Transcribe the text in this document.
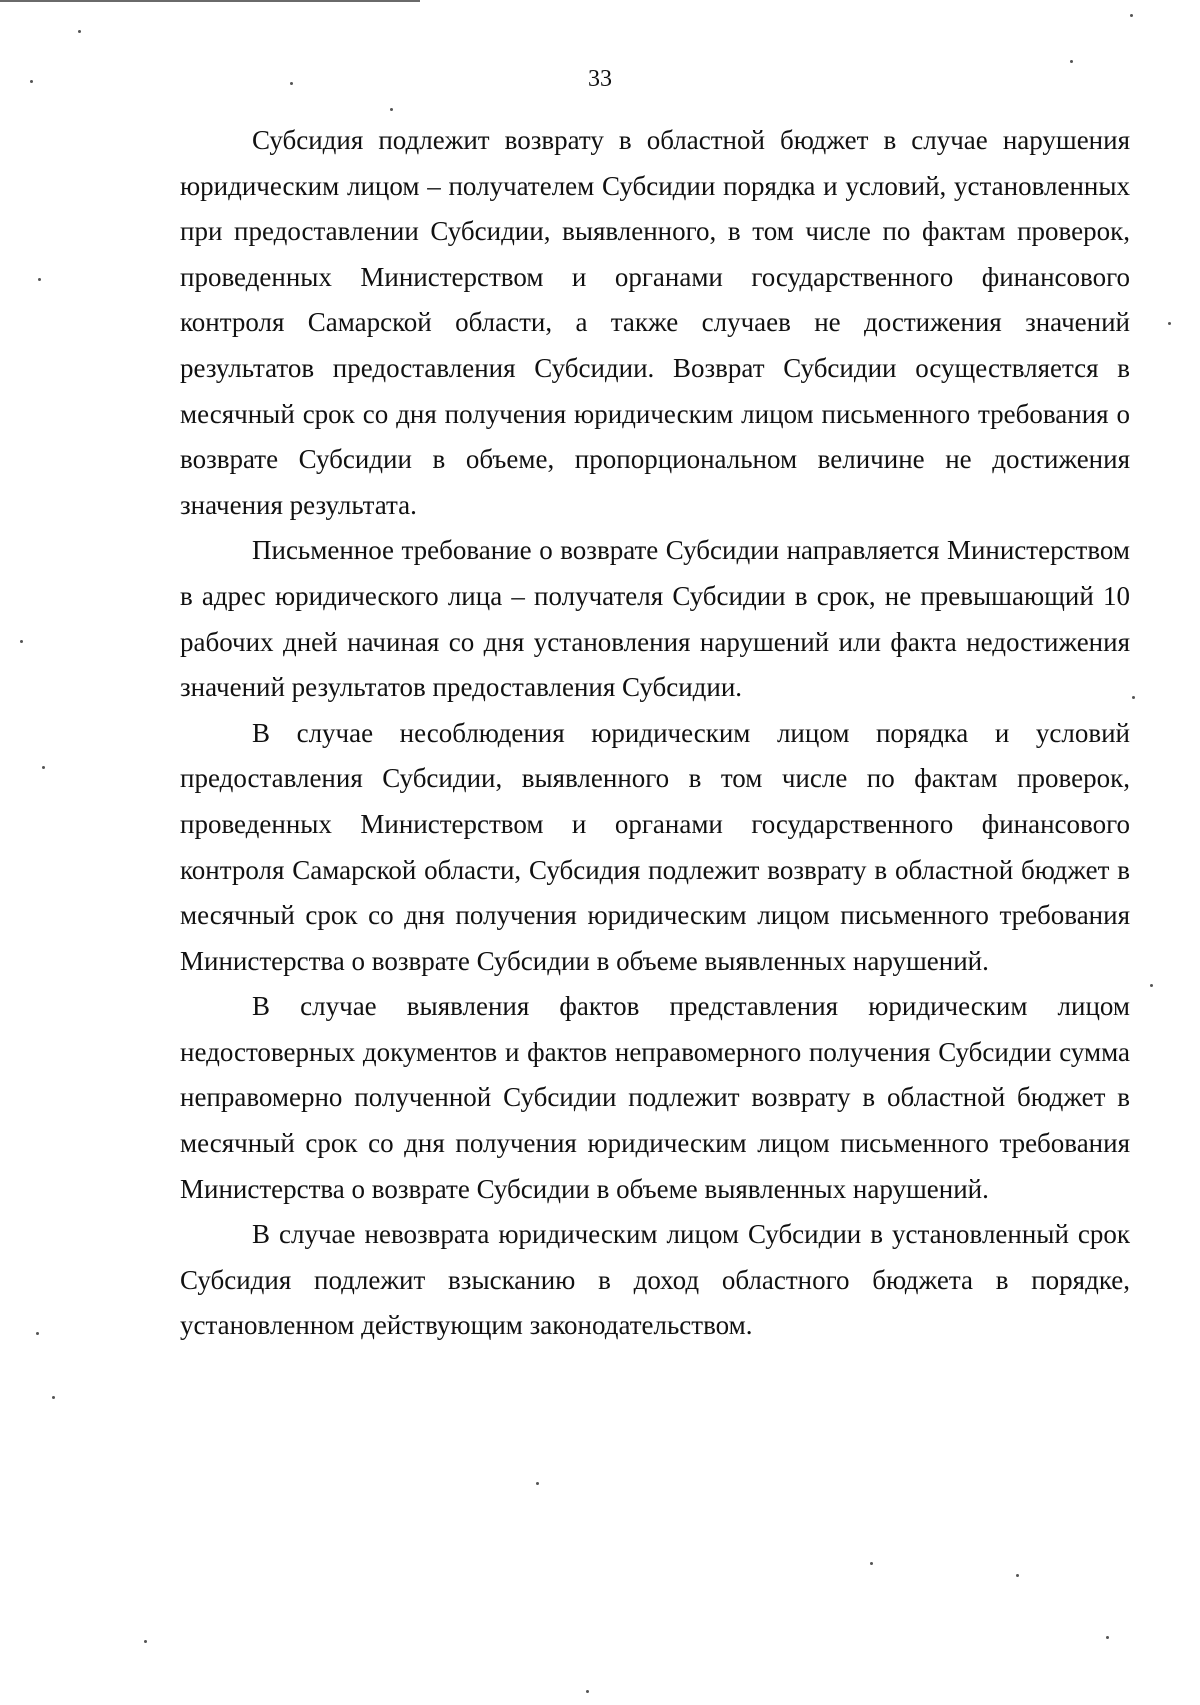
33

Субсидия подлежит возврату в областной бюджет в случае нарушения юридическим лицом – получателем Субсидии порядка и условий, установленных при предоставлении Субсидии, выявленного, в том числе по фактам проверок, проведенных Министерством и органами государственного финансового контроля Самарской области, а также случаев не достижения значений результатов предоставления Субсидии. Возврат Субсидии осуществляется в месячный срок со дня получения юридическим лицом письменного требования о возврате Субсидии в объеме, пропорциональном величине не достижения значения результата.

Письменное требование о возврате Субсидии направляется Министерством в адрес юридического лица – получателя Субсидии в срок, не превышающий 10 рабочих дней начиная со дня установления нарушений или факта недостижения значений результатов предоставления Субсидии.

В случае несоблюдения юридическим лицом порядка и условий предоставления Субсидии, выявленного в том числе по фактам проверок, проведенных Министерством и органами государственного финансового контроля Самарской области, Субсидия подлежит возврату в областной бюджет в месячный срок со дня получения юридическим лицом письменного требования Министерства о возврате Субсидии в объеме выявленных нарушений.

В случае выявления фактов представления юридическим лицом недостоверных документов и фактов неправомерного получения Субсидии сумма неправомерно полученной Субсидии подлежит возврату в областной бюджет в месячный срок со дня получения юридическим лицом письменного требования Министерства о возврате Субсидии в объеме выявленных нарушений.

В случае невозврата юридическим лицом Субсидии в установленный срок Субсидия подлежит взысканию в доход областного бюджета в порядке, установленном действующим законодательством.
